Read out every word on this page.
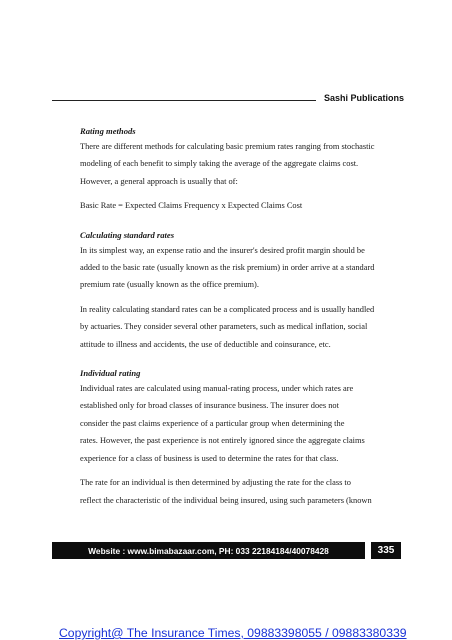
Sashi Publications

Rating methods

There are different methods for calculating basic premium rates ranging from stochastic

modeling of each benefit to simply taking the average of the aggregate claims cost.

However, a general approach is usually that of:

Basic Rate = Expected Claims Frequency x Expected Claims Cost

Calculating standard rates

In its simplest way, an expense ratio and the insurer's desired profit margin should be

added to the basic rate (usually known as the risk premium) in order arrive at a standard

premium rate (usually known as the office premium).

In reality calculating standard rates can be a complicated process and is usually handled

by actuaries. They consider several other parameters, such as medical inflation, social

attitude to illness and accidents, the use of deductible and coinsurance, etc.

Individual rating

Individual rates are calculated using manual-rating process, under which rates are

established only for broad classes of insurance business. The insurer does not

consider the past claims experience of a particular group when determining the

rates. However, the past experience is not entirely ignored since the aggregate claims

experience for a class of business is used to determine the rates for that class.

The rate for an individual is then determined by adjusting the rate for the class to

reflect the characteristic of the individual being insured, using such parameters (known

Website : www.bimabazaar.com, PH: 033 22184184/40078428	335
Copyright@ The Insurance Times, 09883398055 / 09883380339
